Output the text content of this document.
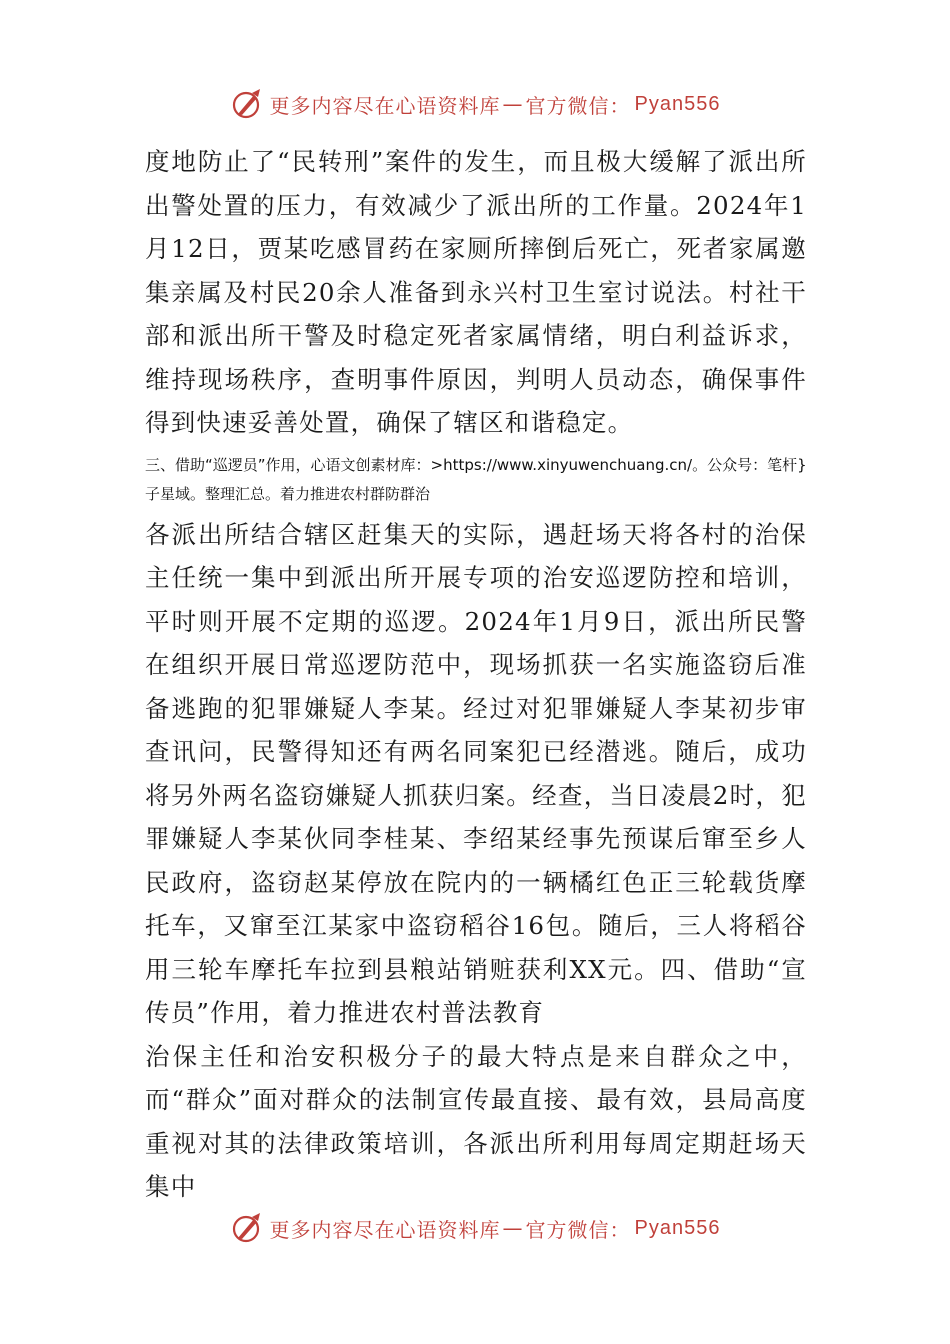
更多内容尽在心语资料库 — 官方微信： Pyan556

度地防止了“民转刑”案件的发生，而且极大缓解了派出所出警处置的压力，有效减少了派出所的工作量。2024年1月12日，贾某吃感冒药在家厕所摔倒后死亡，死者家属邀集亲属及村民20余人准备到永兴村卫生室讨说法。村社干部和派出所干警及时稳定死者家属情绪，明白利益诉求，维持现场秩序，查明事件原因，判明人员动态，确保事件得到快速妥善处置，确保了辖区和谐稳定。

三、借助“巡逻员”作用，心语文创素材库：>https://www.xinyuwenchuang.cn/。公众号：笔杆}子星域。整理汇总。着力推进农村群防群治

各派出所结合辖区赶集天的实际，遇赶场天将各村的治保主任统一集中到派出所开展专项的治安巡逻防控和培训，平时则开展不定期的巡逻。2024年1月9日，派出所民警在组织开展日常巡逻防范中，现场抓获一名实施盗窃后准备逃跑的犯罪嫌疑人李某。经过对犯罪嫌疑人李某初步审查讯问，民警得知还有两名同案犯已经潜逃。随后，成功将另外两名盗窃嫌疑人抓获归案。经查，当日凌晨2时，犯罪嫌疑人李某伙同李桂某、李绍某经事先预谋后窜至乡人民政府，盗窃赵某停放在院内的一辆橘红色正三轮载货摩托车，又窜至江某家中盗窃稻谷16包。随后，三人将稻谷用三轮车摩托车拉到县粮站销赃获利XX元。四、借助“宣传员”作用，着力推进农村普法教育

治保主任和治安积极分子的最大特点是来自群众之中，而“群众”面对群众的法制宣传最直接、最有效，县局高度重视对其的法律政策培训，各派出所利用每周定期赶场天集中

更多内容尽在心语资料库 — 官方微信： Pyan556
